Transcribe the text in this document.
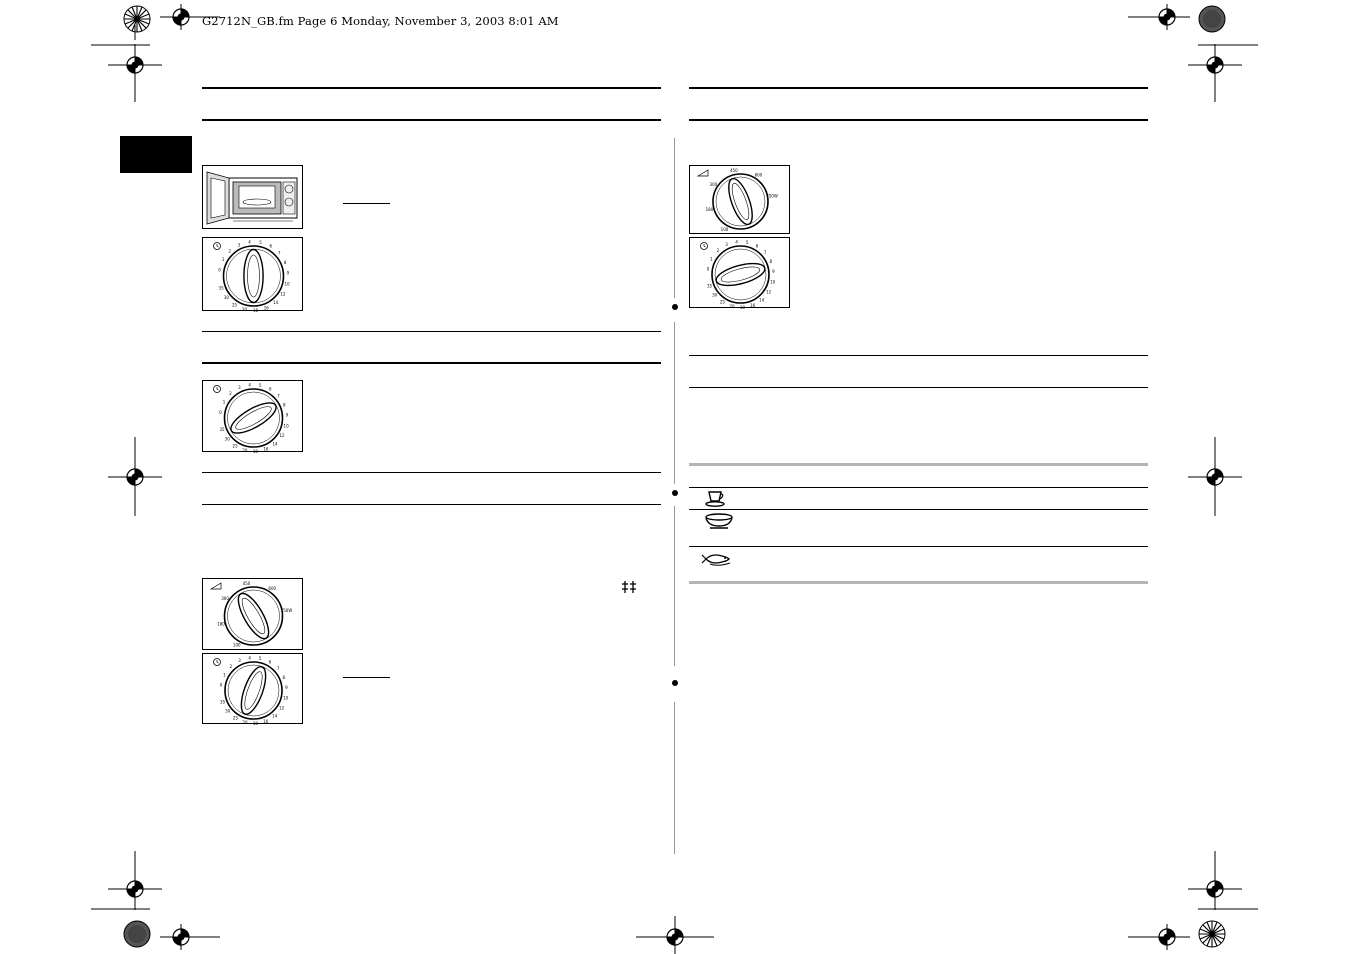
G2712N_GB.fm Page 6 Monday, November 3, 2003 8:01 AM
0
1
2
3
4 5
6
7
8
9
10
12
14
16
18
20
25
30
35
0
1
2
3
4 5
6
7
8
9
10
12
14
16
18
20
25
30
35
100
180
300
450
600
750W
0
1
2
3
4 5
6
7
8
9
10
12
14
16
18
20
25
30
35
100
180
300
450
600
750W
0
1
2
3
4 5
6
7
8
9
10
12
14
16
18
20
25
30
35
